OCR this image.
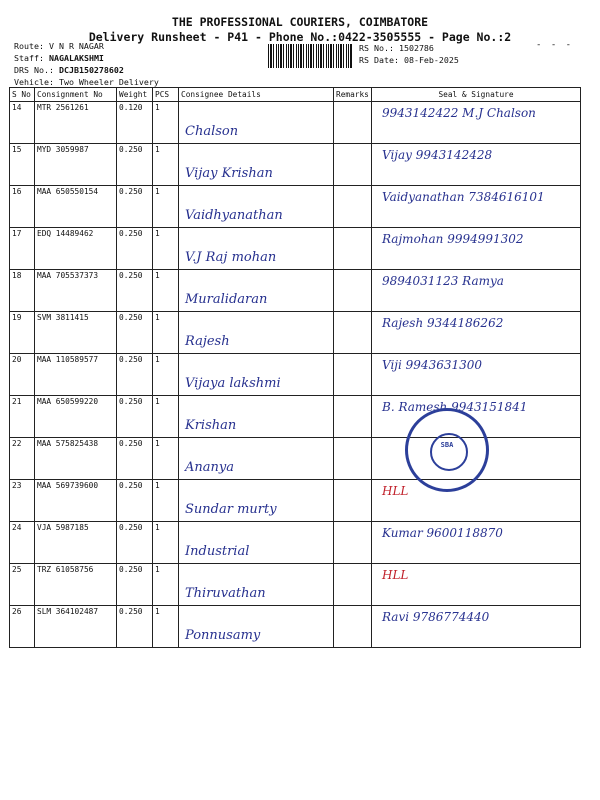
THE PROFESSIONAL COURIERS, COIMBATORE
Delivery Runsheet - P41 - Phone No.:0422-3505555 - Page No.:2
Route: V N R NAGAR
Staff: NAGALAKSHMI
DRS No.: DCJB150278602
Vehicle: Two Wheeler Delivery
RS No.: 1502786
RS Date: 08-Feb-2025
- - -
S No	Consignment No	Weight	PCS	Consignee Details	Remarks	Seal & Signature
14	MTR 2561261	0.120	1	Chalson		9943142422 M.J Chalson

15	MYD 3059987	0.250	1	Vijay Krishan		Vijay 9943142428

16	MAA 650550154	0.250	1	Vaidhyanathan		Vaidyanathan 7384616101

17	EDQ 14489462	0.250	1	V.J Raj mohan		Rajmohan 9994991302

18	MAA 705537373	0.250	1	Muralidaran		9894031123 Ramya

19	SVM 3811415	0.250	1	Rajesh		Rajesh 9344186262

20	MAA 110589577	0.250	1	Vijaya lakshmi		Viji 9943631300

21	MAA 650599220	0.250	1	Krishan		B. Ramesh 9943151841

22	MAA 575825438	0.250	1	Ananya		

23	MAA 569739600	0.250	1	Sundar murty		HLL

24	VJA 5987185	0.250	1	Industrial		Kumar 9600118870

25	TRZ 61058756	0.250	1	Thiruvathan		HLL

26	SLM 364102487	0.250	1	Ponnusamy		Ravi 9786774440
SBA
